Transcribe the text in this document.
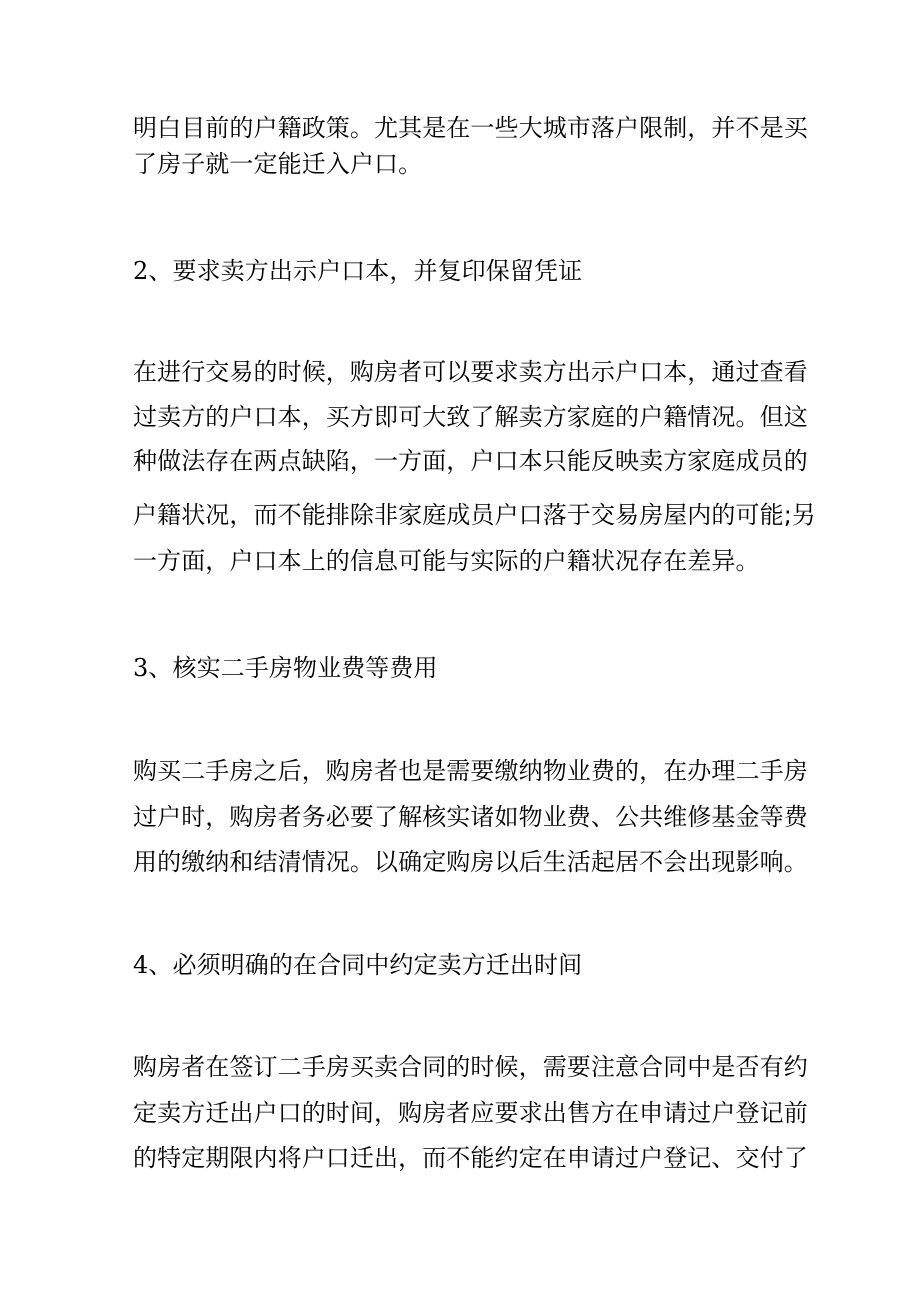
明白目前的户籍政策。尤其是在一些大城市落户限制，并不是买
了房子就一定能迁入户口。
2、要求卖方出示户口本，并复印保留凭证
在进行交易的时候，购房者可以要求卖方出示户口本，通过查看
过卖方的户口本，买方即可大致了解卖方家庭的户籍情况。但这
种做法存在两点缺陷，一方面，户口本只能反映卖方家庭成员的
户籍状况，而不能排除非家庭成员户口落于交易房屋内的可能;另
一方面，户口本上的信息可能与实际的户籍状况存在差异。
3、核实二手房物业费等费用
购买二手房之后，购房者也是需要缴纳物业费的，在办理二手房
过户时，购房者务必要了解核实诸如物业费、公共维修基金等费
用的缴纳和结清情况。以确定购房以后生活起居不会出现影响。
4、必须明确的在合同中约定卖方迁出时间
购房者在签订二手房买卖合同的时候，需要注意合同中是否有约
定卖方迁出户口的时间，购房者应要求出售方在申请过户登记前
的特定期限内将户口迁出，而不能约定在申请过户登记、交付了
